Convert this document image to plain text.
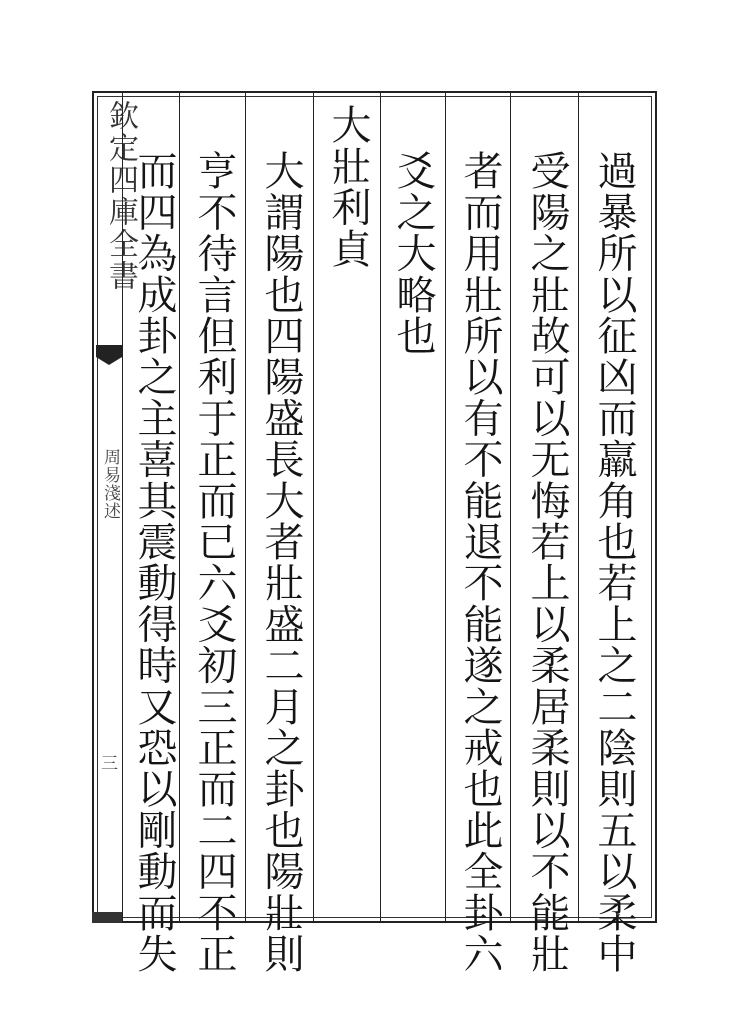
欽定四庫全書
周易淺述
三	過暴所以征凶而羸角也若上之二陰則五以柔中
受陽之壯故可以无悔若上以柔居柔則以不能壯
者而用壯所以有不能退不能遂之戒也此全卦六
爻之大略也
大壯利貞
大謂陽也四陽盛長大者壯盛二月之卦也陽壯則
亨不待言但利于正而已六爻初三正而二四不正
而四為成卦之主喜其震動得時又恐以剛動而失
